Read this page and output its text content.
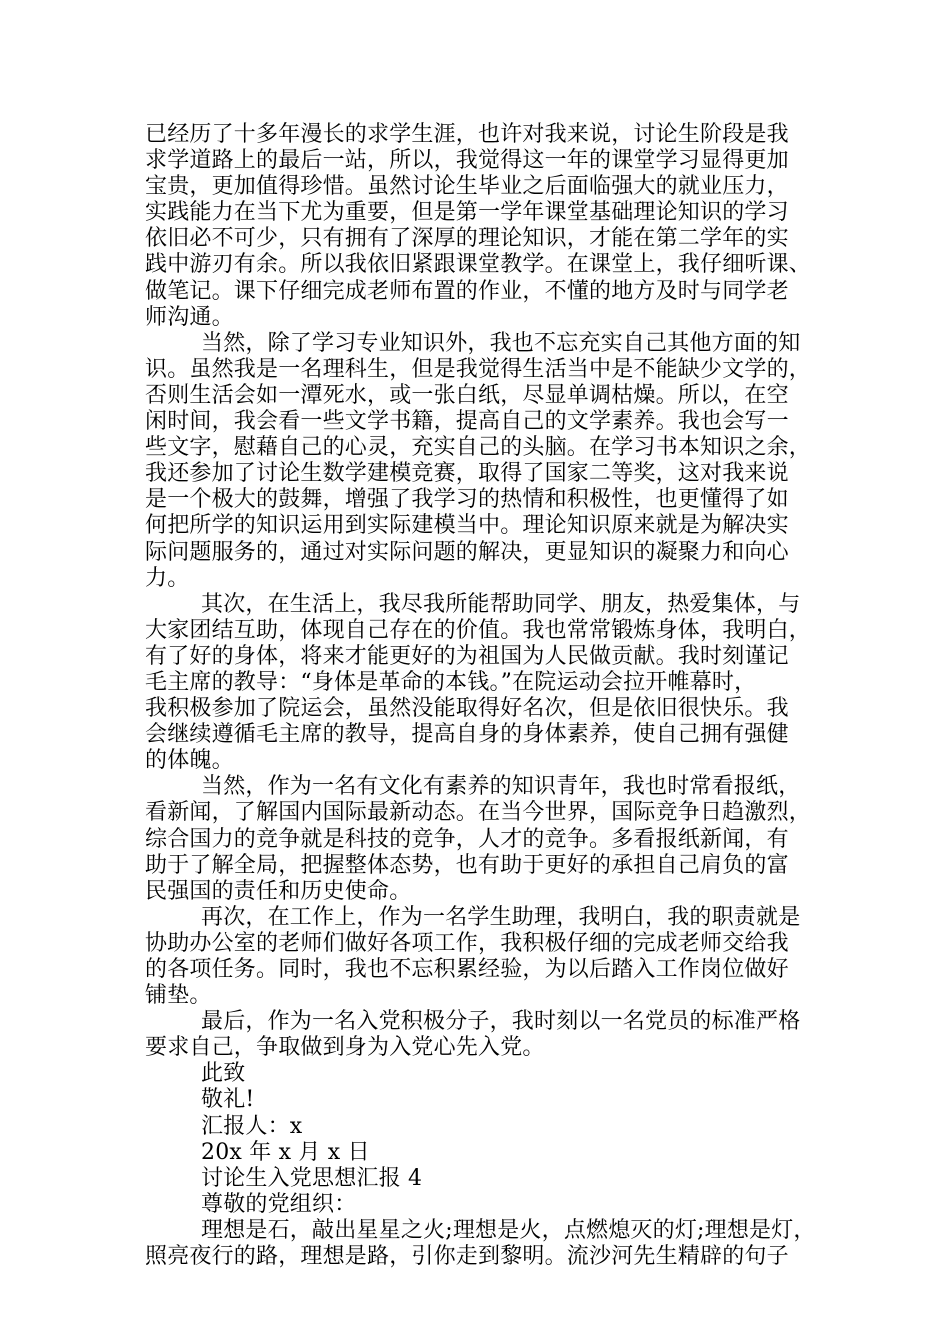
已经历了十多年漫长的求学生涯，也许对我来说，讨论生阶段是我
求学道路上的最后一站，所以，我觉得这一年的课堂学习显得更加
宝贵，更加值得珍惜。虽然讨论生毕业之后面临强大的就业压力，
实践能力在当下尤为重要，但是第一学年课堂基础理论知识的学习
依旧必不可少，只有拥有了深厚的理论知识，才能在第二学年的实
践中游刃有余。所以我依旧紧跟课堂教学。在课堂上，我仔细听课、
做笔记。课下仔细完成老师布置的作业，不懂的地方及时与同学老
师沟通。
当然，除了学习专业知识外，我也不忘充实自己其他方面的知
识。虽然我是一名理科生，但是我觉得生活当中是不能缺少文学的，
否则生活会如一潭死水，或一张白纸，尽显单调枯燥。所以，在空
闲时间，我会看一些文学书籍，提高自己的文学素养。我也会写一
些文字，慰藉自己的心灵，充实自己的头脑。在学习书本知识之余，
我还参加了讨论生数学建模竞赛，取得了国家二等奖，这对我来说
是一个极大的鼓舞，增强了我学习的热情和积极性，也更懂得了如
何把所学的知识运用到实际建模当中。理论知识原来就是为解决实
际问题服务的，通过对实际问题的解决，更显知识的凝聚力和向心
力。
其次，在生活上，我尽我所能帮助同学、朋友，热爱集体，与
大家团结互助，体现自己存在的价值。我也常常锻炼身体，我明白，
有了好的身体，将来才能更好的为祖国为人民做贡献。我时刻谨记
毛主席的教导：“身体是革命的本钱。”在院运动会拉开帷幕时，
我积极参加了院运会，虽然没能取得好名次，但是依旧很快乐。我
会继续遵循毛主席的教导，提高自身的身体素养，使自己拥有强健
的体魄。
当然，作为一名有文化有素养的知识青年，我也时常看报纸，
看新闻，了解国内国际最新动态。在当今世界，国际竞争日趋激烈，
综合国力的竞争就是科技的竞争，人才的竞争。多看报纸新闻，有
助于了解全局，把握整体态势，也有助于更好的承担自己肩负的富
民强国的责任和历史使命。
再次，在工作上，作为一名学生助理，我明白，我的职责就是
协助办公室的老师们做好各项工作，我积极仔细的完成老师交给我
的各项任务。同时，我也不忘积累经验，为以后踏入工作岗位做好
铺垫。
最后，作为一名入党积极分子，我时刻以一名党员的标准严格
要求自己，争取做到身为入党心先入党。
此致
敬礼!
汇报人：x
20x 年 x 月 x 日
讨论生入党思想汇报 4
尊敬的党组织：
理想是石，敲出星星之火;理想是火，点燃熄灭的灯;理想是灯，
照亮夜行的路，理想是路，引你走到黎明。流沙河先生精辟的句子
